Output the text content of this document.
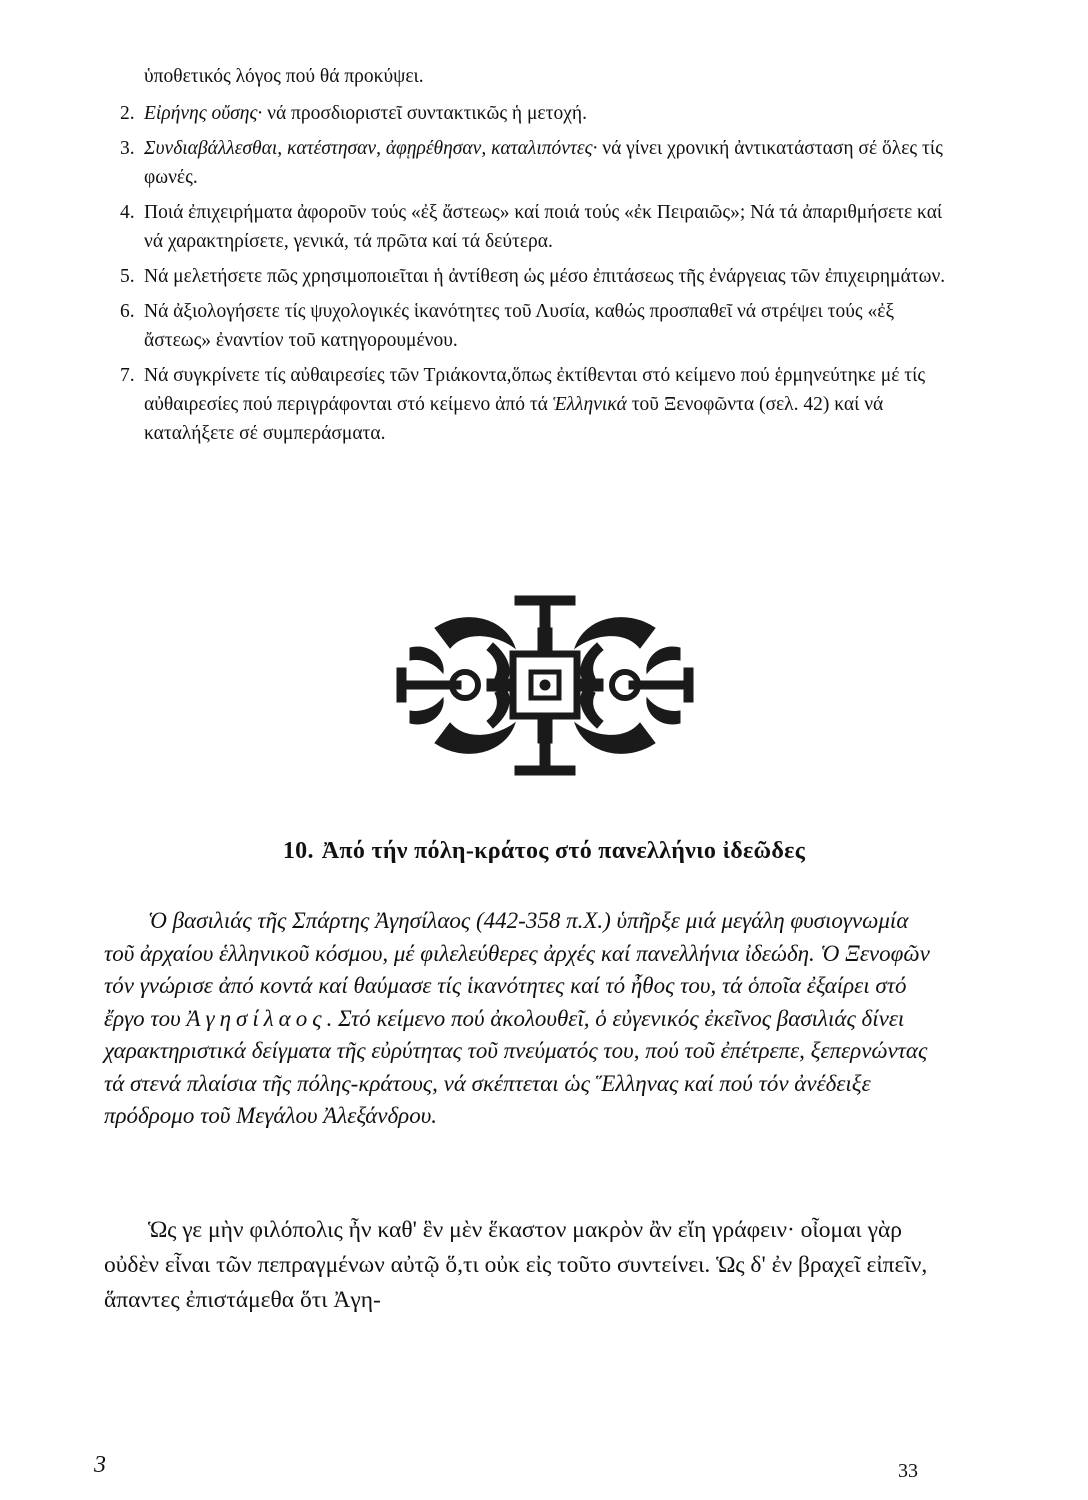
ὑποθετικός λόγος πού θά προκύψει.
2. Εἰρήνης οὔσης· νά προσδιοριστεῖ συντακτικῶς ἡ μετοχή.
3. Συνδιαβάλλεσθαι, κατέστησαν, ἀφῃρέθησαν, καταλιπόντες· νά γίνει χρονική ἀντικατάσταση σέ ὅλες τίς φωνές.
4. Ποιά ἐπιχειρήματα ἀφοροῦν τούς «ἐξ ἄστεως» καί ποιά τούς «ἐκ Πειραιῶς»; Νά τά ἀπαριθμήσετε καί νά χαρακτηρίσετε, γενικά, τά πρῶτα καί τά δεύτερα.
5. Νά μελετήσετε πῶς χρησιμοποιεῖται ἡ ἀντίθεση ὡς μέσο ἐπιτάσεως τῆς ἐνάργειας τῶν ἐπιχειρημάτων.
6. Νά ἀξιολογήσετε τίς ψυχολογικές ἱκανότητες τοῦ Λυσία, καθώς προσπαθεῖ νά στρέψει τούς «ἐξ ἄστεως» ἐναντίον τοῦ κατηγορουμένου.
7. Νά συγκρίνετε τίς αὐθαιρεσίες τῶν Τριάκοντα,ὅπως ἐκτίθενται στό κείμενο πού ἑρμηνεύτηκε μέ τίς αὐθαιρεσίες πού περιγράφονται στό κείμενο ἀπό τά Ἑλληνικά τοῦ Ξενοφῶντα (σελ. 42) καί νά καταλήξετε σέ συμπεράσματα.
10. Ἀπό τήν πόλη-κράτος στό πανελλήνιο ἰδεῶδες

Ὁ βασιλιάς τῆς Σπάρτης Ἀγησίλαος (442-358 π.Χ.) ὑπῆρξε μιά μεγάλη φυσιογνωμία τοῦ ἀρχαίου ἑλληνικοῦ κόσμου, μέ φιλελεύθερες ἀρχές καί πανελλήνια ἰδεώδη. Ὁ Ξενοφῶν τόν γνώρισε ἀπό κοντά καί θαύμασε τίς ἱκανότητες καί τό ἦθος του, τά ὁποῖα ἐξαίρει στό ἔργο του Ἀγησίλαος. Στό κείμενο πού ἀκολουθεῖ, ὁ εὐγενικός ἐκεῖνος βασιλιάς δίνει χαρακτηριστικά δείγματα τῆς εὐρύτητας τοῦ πνεύματός του, πού τοῦ ἐπέτρεπε, ξεπερνώντας τά στενά πλαίσια τῆς πόλης-κράτους, νά σκέπτεται ὡς Ἕλληνας καί πού τόν ἀνέδειξε πρόδρομο τοῦ Μεγάλου Ἀλεξάνδρου.

Ὡς γε μὴν φιλόπολις ἦν καθ' ἓν μὲν ἕκαστον μακρὸν ἂν εἴη γράφειν· οἶομαι γὰρ οὐδὲν εἶναι τῶν πεπραγμένων αὐτῷ ὅ,τι οὐκ εἰς τοῦτο συντείνει. Ὡς δ' ἐν βραχεῖ εἰπεῖν, ἅπαντες ἐπιστάμεθα ὅτι Ἀγη-

3	33
